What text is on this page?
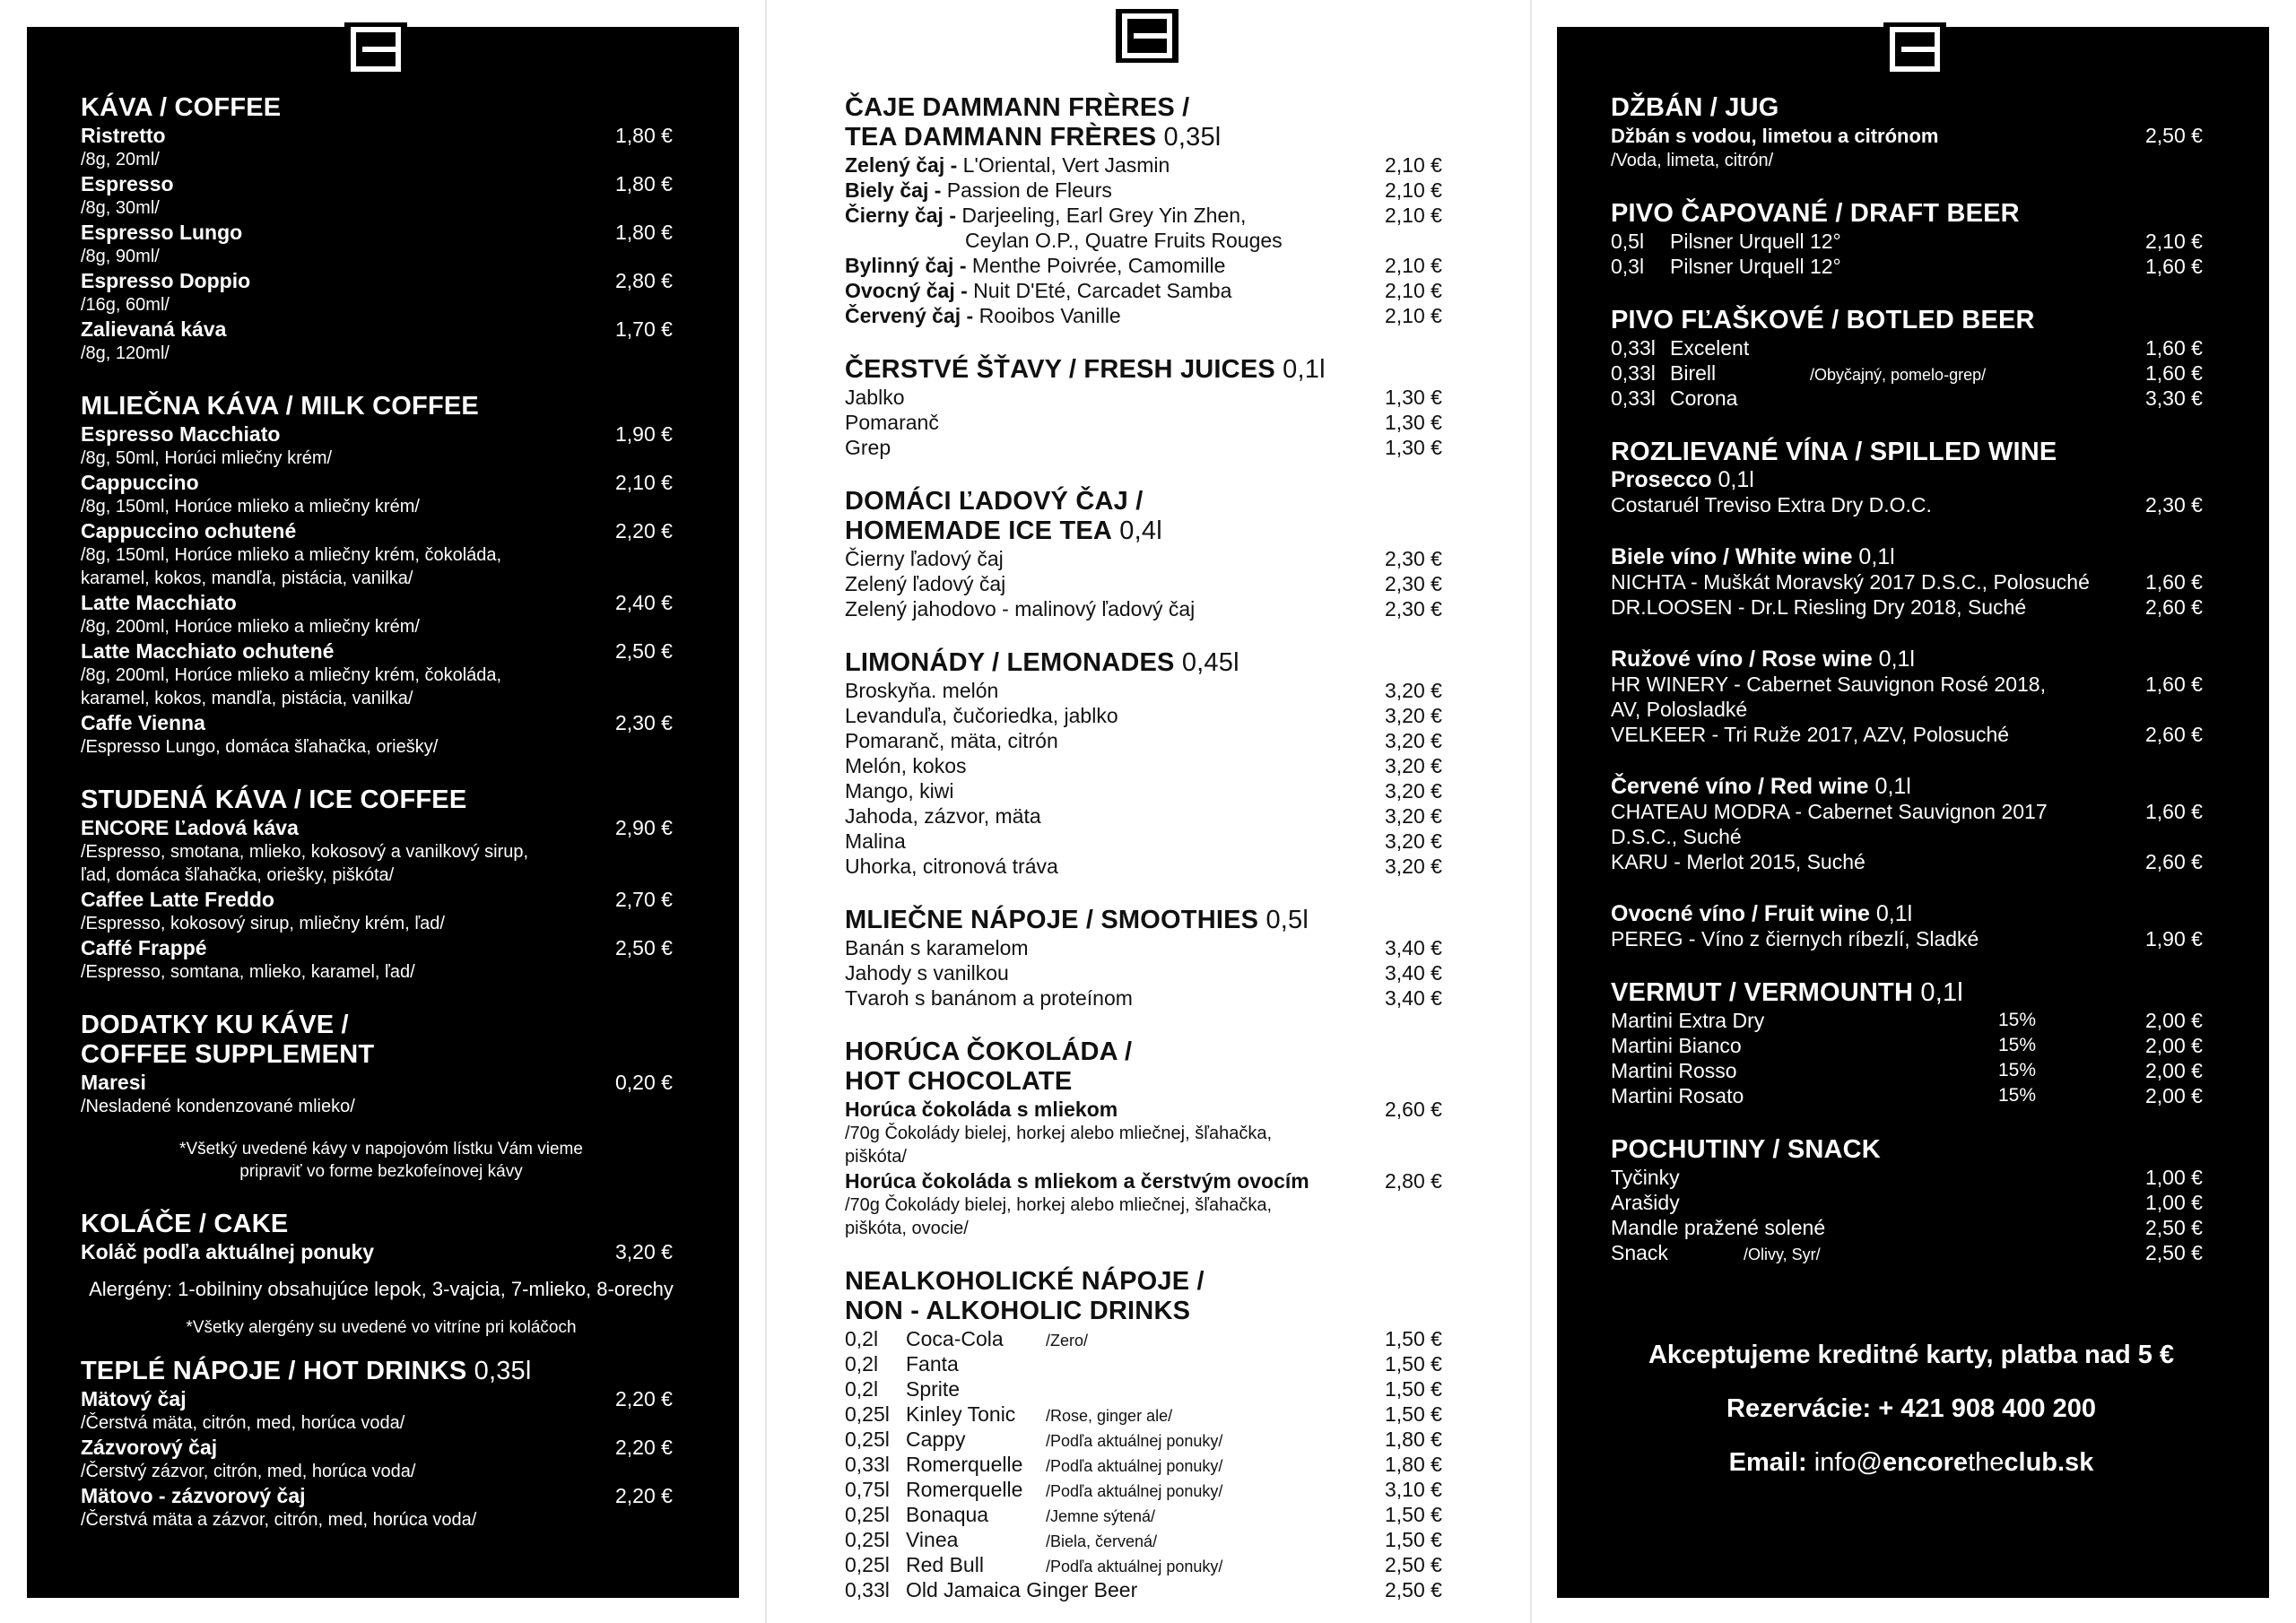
KÁVA / COFFEE
Ristretto	1,80 €
/8g, 20ml/
Espresso	1,80 €
/8g, 30ml/
Espresso Lungo	1,80 €
/8g, 90ml/
Espresso Doppio	2,80 €
/16g, 60ml/
Zalievaná káva	1,70 €
/8g, 120ml/
MLIEČNA KÁVA / MILK COFFEE
Espresso Macchiato	1,90 €
/8g, 50ml, Horúci mliečny krém/
Cappuccino	2,10 €
/8g, 150ml, Horúce mlieko a mliečny krém/
Cappuccino ochutené	2,20 €
/8g, 150ml, Horúce mlieko a mliečny krém, čokoláda,
karamel, kokos, mandľa, pistácia, vanilka/
Latte Macchiato	2,40 €
/8g, 200ml, Horúce mlieko a mliečny krém/
Latte Macchiato ochutené	2,50 €
/8g, 200ml, Horúce mlieko a mliečny krém, čokoláda,
karamel, kokos, mandľa, pistácia, vanilka/
Caffe Vienna	2,30 €
/Espresso Lungo, domáca šľahačka, oriešky/
STUDENÁ KÁVA / ICE COFFEE
ENCORE Ľadová káva	2,90 €
/Espresso, smotana, mlieko, kokosový a vanilkový sirup,
ľad, domáca šľahačka, oriešky, piškóta/
Caffee Latte Freddo	2,70 €
/Espresso, kokosový sirup, mliečny krém, ľad/
Caffé Frappé	2,50 €
/Espresso, somtana, mlieko, karamel, ľad/
DODATKY KU KÁVE /
COFFEE SUPPLEMENT
Maresi	0,20 €
/Nesladené kondenzované mlieko/
*Všetký uvedené kávy v napojovóm lístku Vám vieme
pripraviť vo forme bezkofeínovej kávy
KOLÁČE / CAKE
Koláč podľa aktuálnej ponuky	3,20 €
Alergény: 1-obilniny obsahujúce lepok, 3-vajcia, 7-mlieko, 8-orechy
*Všetky alergény su uvedené vo vitríne pri koláčoch
TEPLÉ NÁPOJE / HOT DRINKS 0,35l
Mätový čaj	2,20 €
/Čerstvá mäta, citrón, med, horúca voda/
Zázvorový čaj	2,20 €
/Čerstvý zázvor, citrón, med, horúca voda/
Mätovo - zázvorový čaj	2,20 €
/Čerstvá mäta a zázvor, citrón, med, horúca voda/
ČAJE DAMMANN FRÈRES /
TEA DAMMANN FRÈRES 0,35l
Zelený čaj - L'Oriental, Vert Jasmin	2,10 €
Biely čaj - Passion de Fleurs	2,10 €
Čierny čaj - Darjeeling, Earl Grey Yin Zhen,	2,10 €
Ceylan O.P., Quatre Fruits Rouges
Bylinný čaj - Menthe Poivrée, Camomille	2,10 €
Ovocný čaj - Nuit D'Eté, Carcadet Samba	2,10 €
Červený čaj - Rooibos Vanille	2,10 €
ČERSTVÉ ŠŤAVY / FRESH JUICES 0,1l
Jablko	1,30 €
Pomaranč	1,30 €
Grep	1,30 €
DOMÁCI ĽADOVÝ ČAJ /
HOMEMADE ICE TEA 0,4l
Čierny ľadový čaj	2,30 €
Zelený ľadový čaj	2,30 €
Zelený jahodovo - malinový ľadový čaj	2,30 €
LIMONÁDY / LEMONADES 0,45l
Broskyňa. melón	3,20 €
Levanduľa, čučoriedka, jablko	3,20 €
Pomaranč, mäta, citrón	3,20 €
Melón, kokos	3,20 €
Mango, kiwi	3,20 €
Jahoda, zázvor, mäta	3,20 €
Malina	3,20 €
Uhorka, citronová tráva	3,20 €
MLIEČNE NÁPOJE / SMOOTHIES 0,5l
Banán s karamelom	3,40 €
Jahody s vanilkou	3,40 €
Tvaroh s banánom a proteínom	3,40 €
HORÚCA ČOKOLÁDA /
HOT CHOCOLATE
Horúca čokoláda s mliekom	2,60 €
/70g Čokolády bielej, horkej alebo mliečnej, šľahačka,
piškóta/
Horúca čokoláda s mliekom a čerstvým ovocím	2,80 €
/70g Čokolády bielej, horkej alebo mliečnej, šľahačka,
piškóta, ovocie/
NEALKOHOLICKÉ NÁPOJE /
NON - ALKOHOLIC DRINKS
0,2l Coca-Cola	/Zero/	1,50 €
0,2l Fanta	1,50 €
0,2l Sprite	1,50 €
0,25l Kinley Tonic /Rose, ginger ale/	1,50 €
0,25l Cappy	/Podľa aktuálnej ponuky/	1,80 €
0,33l Romerquelle /Podľa aktuálnej ponuky/	1,80 €
0,75l Romerquelle /Podľa aktuálnej ponuky/	3,10 €
0,25l Bonaqua	/Jemne sýtená/	1,50 €
0,25l Vinea	/Biela, červená/	1,50 €
0,25l Red Bull	/Podľa aktuálnej ponuky/	2,50 €
0,33l Old Jamaica Ginger Beer	2,50 €
DŽBÁN / JUG
Džbán s vodou, limetou a citrónom	2,50 €
/Voda, limeta, citrón/
PIVO ČAPOVANÉ / DRAFT BEER
0,5l Pilsner Urquell 12°	2,10 €
0,3l Pilsner Urquell 12°	1,60 €
PIVO FĽAŠKOVÉ / BOTLED BEER
0,33l Excelent	1,60 €
0,33l Birell	/Obyčajný, pomelo-grep/	1,60 €
0,33l Corona	3,30 €
ROZLIEVANÉ VÍNA / SPILLED WINE
Prosecco 0,1l
Costaruél Treviso Extra Dry D.O.C.	2,30 €
Biele víno / White wine 0,1l
NICHTA - Muškát Moravský 2017 D.S.C., Polosuché	1,60 €
DR.LOOSEN - Dr.L Riesling Dry 2018, Suché	2,60 €
Ružové víno / Rose wine 0,1l
HR WINERY - Cabernet Sauvignon Rosé 2018,	1,60 €
AV, Polosladké
VELKEER - Tri Ruže 2017, AZV, Polosuché	2,60 €
Červené víno / Red wine 0,1l
CHATEAU MODRA - Cabernet Sauvignon 2017	1,60 €
D.S.C., Suché
KARU - Merlot 2015, Suché	2,60 €
Ovocné víno / Fruit wine 0,1l
PEREG - Víno z čiernych ríbezlí, Sladké	1,90 €
VERMUT / VERMOUNTH 0,1l
Martini Extra Dry	15%	2,00 €
Martini Bianco	15%	2,00 €
Martini Rosso	15%	2,00 €
Martini Rosato	15%	2,00 €
POCHUTINY / SNACK
Tyčinky	1,00 €
Arašidy	1,00 €
Mandle pražené solené	2,50 €
Snack	/Olivy, Syr/	2,50 €
Akceptujeme kreditné karty, platba nad 5 €
Rezervácie: + 421 908 400 200
Email: info@encoretheclub.sk
